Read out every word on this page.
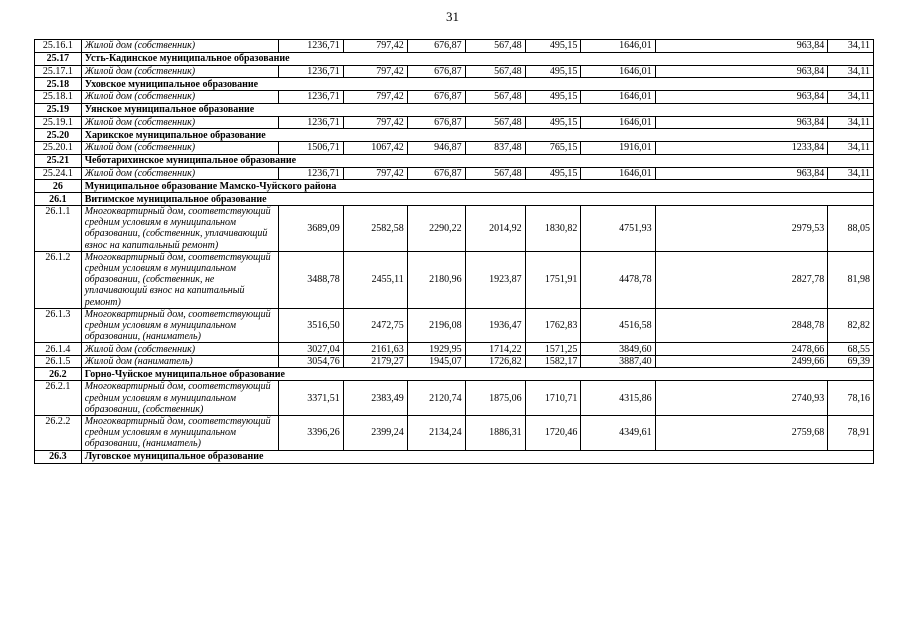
31
25.16.1	Жилой дом (собственник)	1236,71	797,42	676,87	567,48	495,15	1646,01	963,84	34,11
25.17	Усть-Кадинское муниципальное образование								
25.17.1	Жилой дом (собственник)	1236,71	797,42	676,87	567,48	495,15	1646,01	963,84	34,11
25.18	Уховское муниципальное образование								
25.18.1	Жилой дом (собственник)	1236,71	797,42	676,87	567,48	495,15	1646,01	963,84	34,11
25.19	Уянское муниципальное образование								
25.19.1	Жилой дом (собственник)	1236,71	797,42	676,87	567,48	495,15	1646,01	963,84	34,11
25.20	Харикское муниципальное образование								
25.20.1	Жилой дом (собственник)	1506,71	1067,42	946,87	837,48	765,15	1916,01	1233,84	34,11
25.21	Чеботарихинское муниципальное образование								
25.24.1	Жилой дом (собственник)	1236,71	797,42	676,87	567,48	495,15	1646,01	963,84	34,11
26	Муниципальное образование Мамско-Чуйского района								
26.1	Витимское муниципальное образование								
26.1.1	Многоквартирный дом, соответствующий средним условиям в муниципальном образовании, (собственник, уплачивающий взнос на капитальный ремонт)	3689,09	2582,58	2290,22	2014,92	1830,82	4751,93	2979,53	88,05
26.1.2	Многоквартирный дом, соответствующий средним условиям в муниципальном образовании, (собственник, не уплачивающий взнос на капитальный ремонт)	3488,78	2455,11	2180,96	1923,87	1751,91	4478,78	2827,78	81,98
26.1.3	Многоквартирный дом, соответствующий средним условиям в муниципальном образовании, (наниматель)	3516,50	2472,75	2196,08	1936,47	1762,83	4516,58	2848,78	82,82
26.1.4	Жилой дом (собственник)	3027,04	2161,63	1929,95	1714,22	1571,25	3849,60	2478,66	68,55
26.1.5	Жилой дом (наниматель)	3054,76	2179,27	1945,07	1726,82	1582,17	3887,40	2499,66	69,39
26.2	Горно-Чуйское муниципальное образование								
26.2.1	Многоквартирный дом, соответствующий средним условиям в муниципальном образовании, (собственник)	3371,51	2383,49	2120,74	1875,06	1710,71	4315,86	2740,93	78,16
26.2.2	Многоквартирный дом, соответствующий средним условиям в муниципальном образовании, (наниматель)	3396,26	2399,24	2134,24	1886,31	1720,46	4349,61	2759,68	78,91
26.3	Луговское муниципальное образование								
